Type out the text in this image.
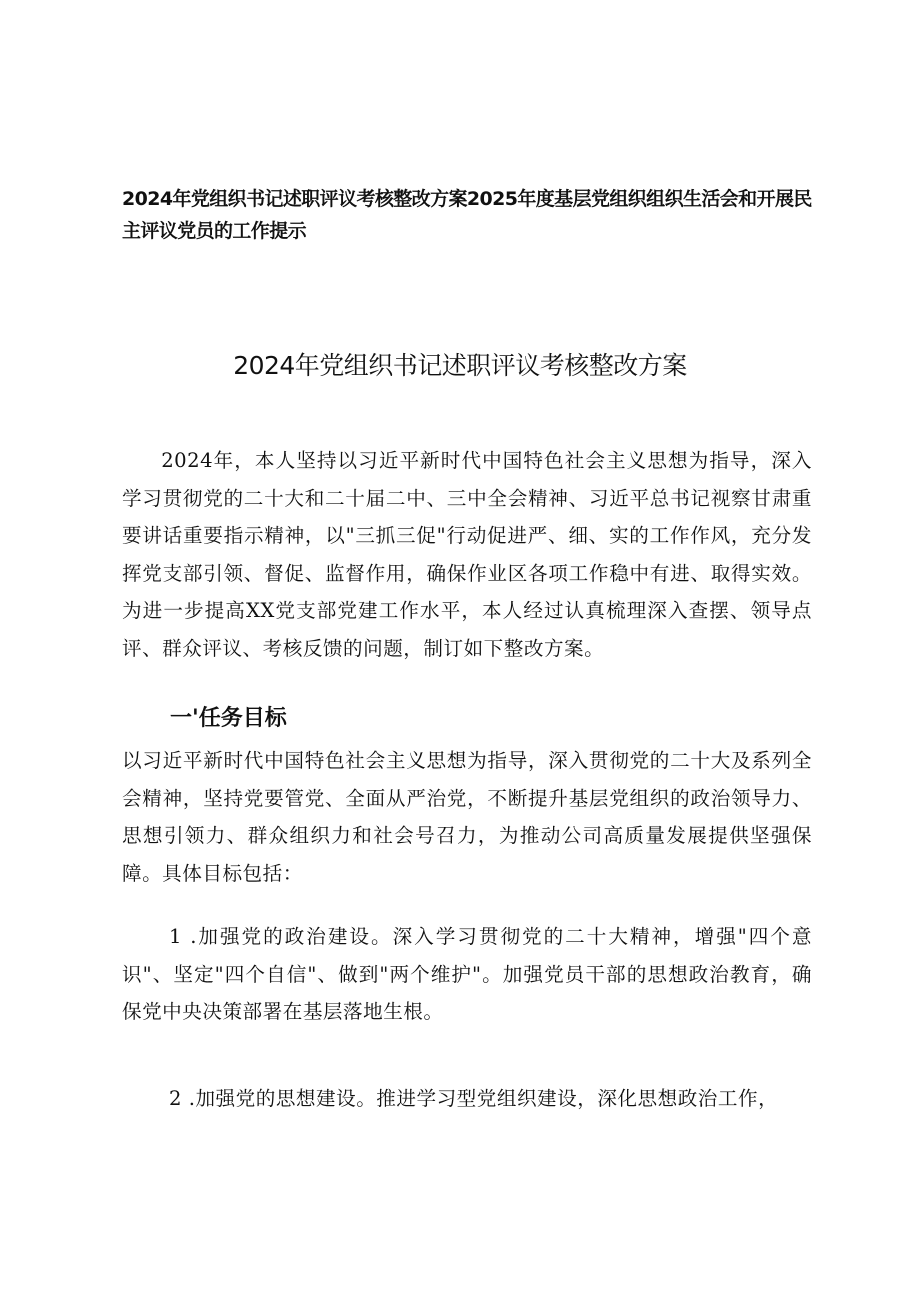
2024年党组织书记述职评议考核整改方案2025年度基层党组织组织生活会和开展民主评议党员的工作提示

2024年党组织书记述职评议考核整改方案

2024年，本人坚持以习近平新时代中国特色社会主义思想为指导，深入学习贯彻党的二十大和二十届二中、三中全会精神、习近平总书记视察甘肃重要讲话重要指示精神，以"三抓三促"行动促进严、细、实的工作作风，充分发挥党支部引领、督促、监督作用，确保作业区各项工作稳中有进、取得实效。为进一步提高XX党支部党建工作水平，本人经过认真梳理深入查摆、领导点评、群众评议、考核反馈的问题，制订如下整改方案。

一'任务目标

以习近平新时代中国特色社会主义思想为指导，深入贯彻党的二十大及系列全会精神，坚持党要管党、全面从严治党，不断提升基层党组织的政治领导力、思想引领力、群众组织力和社会号召力，为推动公司高质量发展提供坚强保障。具体目标包括：

1 .加强党的政治建设。深入学习贯彻党的二十大精神，增强"四个意识"、坚定"四个自信"、做到"两个维护"。加强党员干部的思想政治教育，确保党中央决策部署在基层落地生根。

2 .加强党的思想建设。推进学习型党组织建设，深化思想政治工作，
